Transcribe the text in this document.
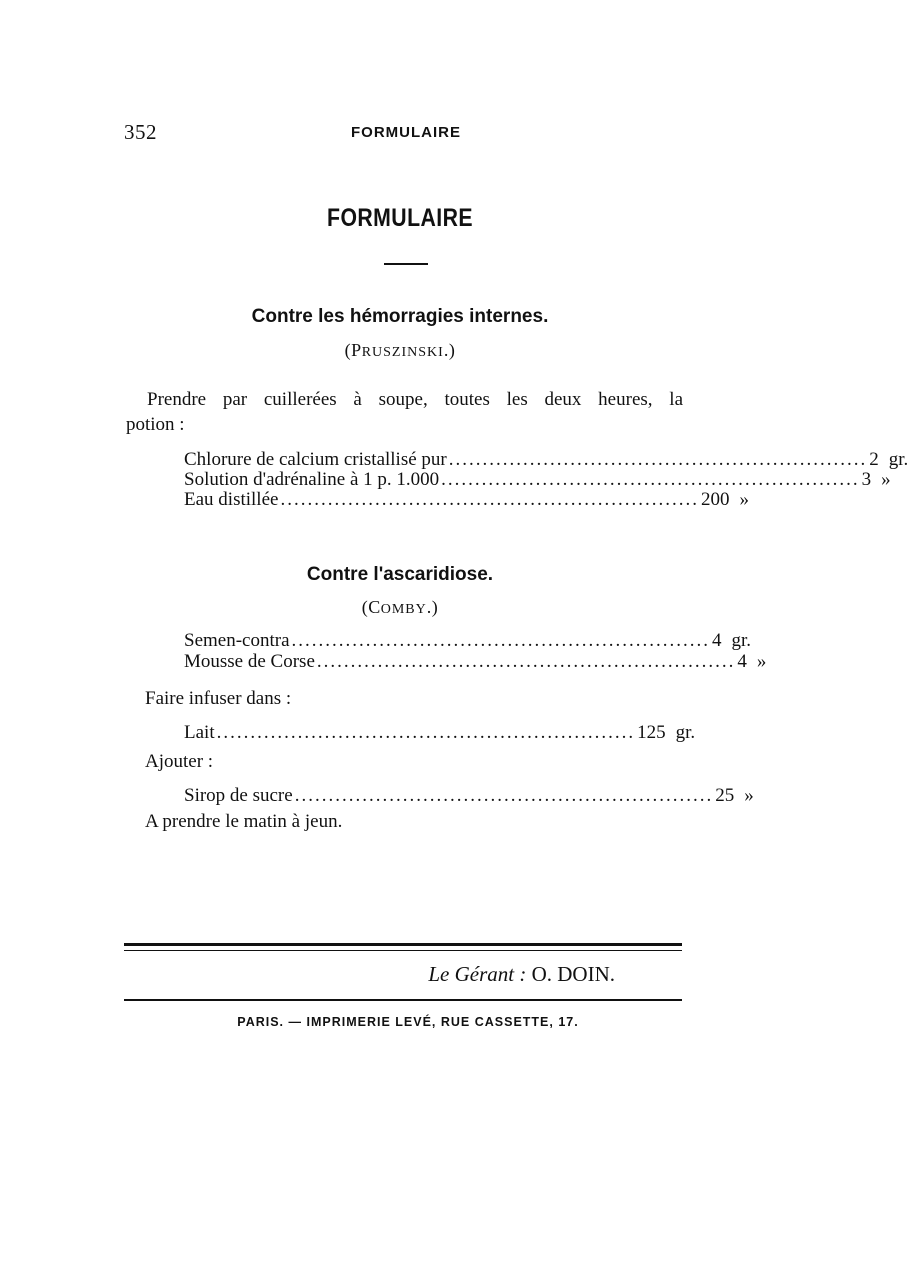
352	FORMULAIRE
FORMULAIRE
Contre les hémorragies internes.
(PRUSZINSKI.)
Prendre par cuillerées à soupe, toutes les deux heures, la
potion :
Chlorure de calcium cristallisé pur .............................................................. 2 gr.
Solution d'adrénaline à 1 p. 1.000 .............................................................. 3 »
Eau distillée .............................................................. 200 »
Contre l'ascaridiose.
(COMBY.)
Semen-contra .............................................................. 4 gr.
Mousse de Corse .............................................................. 4 »
Faire infuser dans :
Lait .............................................................. 125 gr.
Ajouter :
Sirop de sucre .............................................................. 25 »
A prendre le matin à jeun.
Le Gérant : O. DOIN.
PARIS. — IMPRIMERIE LEVÉ, RUE CASSETTE, 17.
